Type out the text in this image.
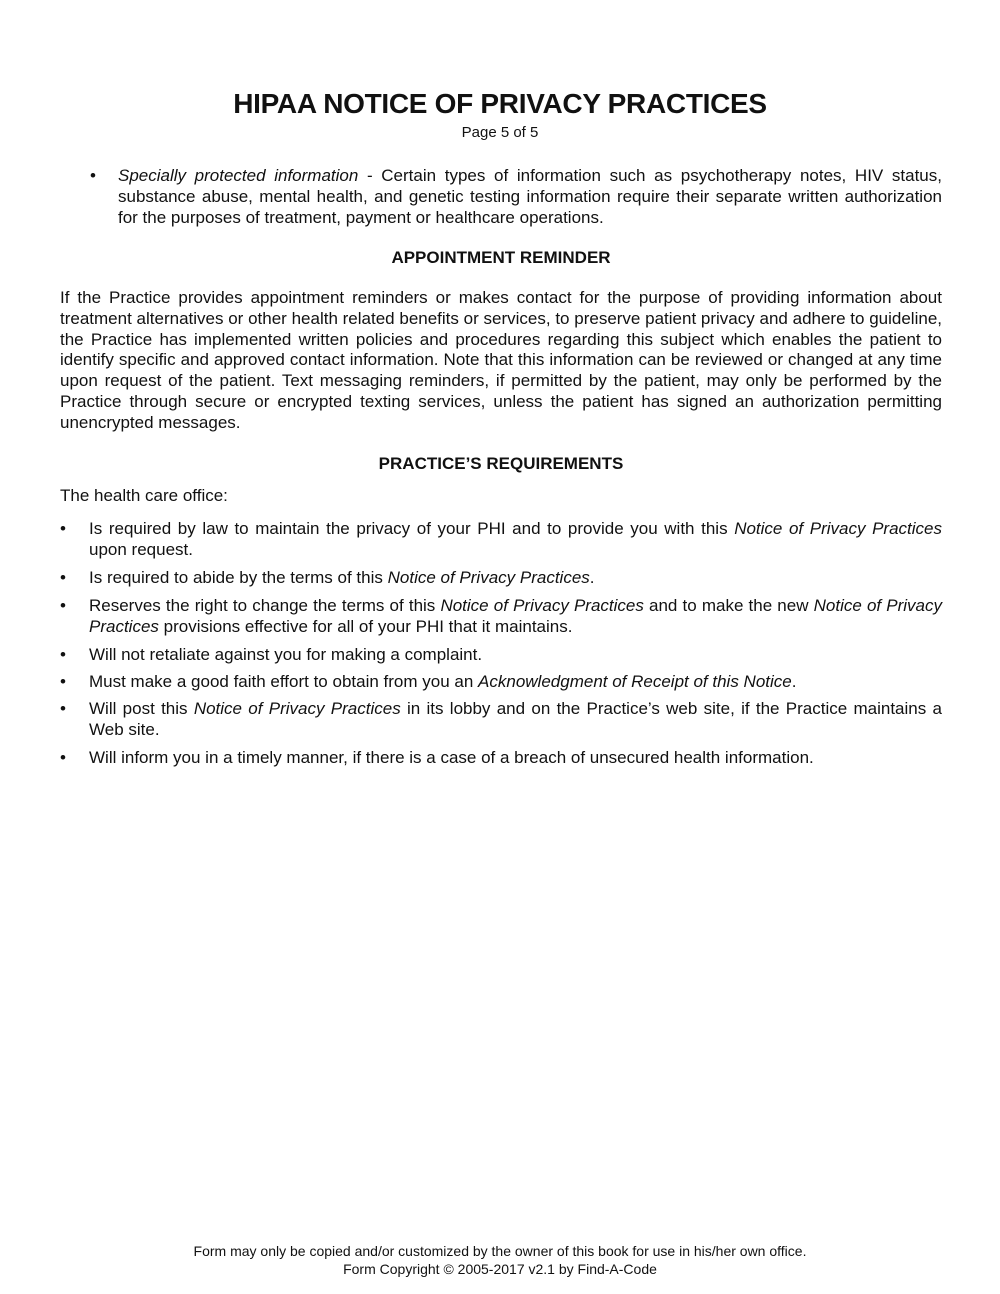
HIPAA NOTICE OF PRIVACY PRACTICES
Page 5 of 5
•
Specially protected information - Certain types of information such as psychotherapy notes, HIV status, substance abuse, mental health, and genetic testing information require their separate written authorization for the purposes of treatment, payment or healthcare operations.
APPOINTMENT REMINDER
If the Practice provides appointment reminders or makes contact for the purpose of providing information about treatment alternatives or other health related benefits or services, to preserve patient privacy and adhere to guideline, the Practice has implemented written policies and procedures regarding this subject which enables the patient to identify specific and approved contact information. Note that this information can be reviewed or changed at any time upon request of the patient. Text messaging reminders, if permitted by the patient, may only be performed by the Practice through secure or encrypted texting services, unless the patient has signed an authorization permitting unencrypted messages.
PRACTICE’S REQUIREMENTS
The health care office:
•
Is required by law to maintain the privacy of your PHI and to provide you with this Notice of Privacy Practices upon request.
•
Is required to abide by the terms of this Notice of Privacy Practices.
•
Reserves the right to change the terms of this Notice of Privacy Practices and to make the new Notice of Privacy Practices provisions effective for all of your PHI that it maintains.
•
Will not retaliate against you for making a complaint.
•
Must make a good faith effort to obtain from you an Acknowledgment of Receipt of this Notice.
•
Will post this Notice of Privacy Practices in its lobby and on the Practice’s web site, if the Practice maintains a Web site.
•
Will inform you in a timely manner, if there is a case of a breach of unsecured health information.
Form may only be copied and/or customized by the owner of this book for use in his/her own office.
Form Copyright © 2005-2017 v2.1 by Find-A-Code
